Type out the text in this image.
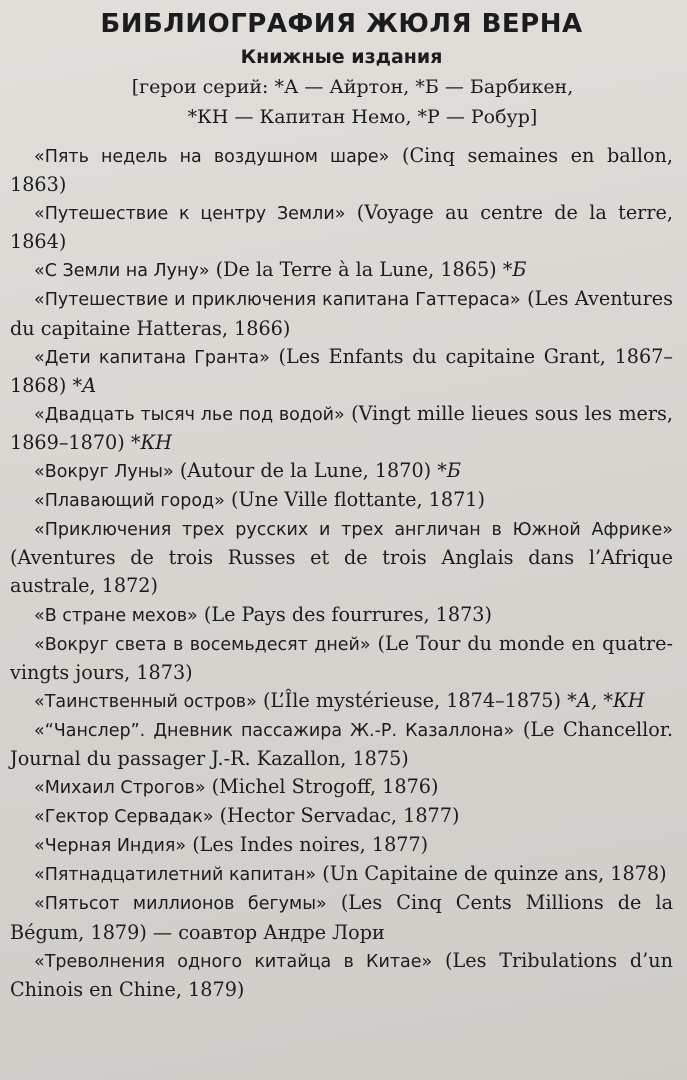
БИБЛИОГРАФИЯ ЖЮЛЯ ВЕРНА
Книжные издания

[герои серий: *А — Айртон, *Б — Барбикен,
*КН — Капитан Немо, *Р — Робур]

«Пять недель на воздушном шаре» (Cinq semaines en ballon, 1863)

«Путешествие к центру Земли» (Voyage au centre de la terre, 1864)

«С Земли на Луну» (De la Terre à la Lune, 1865) *Б

«Путешествие и приключения капитана Гаттераса» (Les Aventures du capitaine Hatteras, 1866)

«Дети капитана Гранта» (Les Enfants du capitaine Grant, 1867–1868) *А

«Двадцать тысяч лье под водой» (Vingt mille lieues sous les mers, 1869–1870) *КН

«Вокруг Луны» (Autour de la Lune, 1870) *Б

«Плавающий город» (Une Ville flottante, 1871)

«Приключения трех русских и трех англичан в Южной Африке» (Aventures de trois Russes et de trois Anglais dans l’Afrique australe, 1872)

«В стране мехов» (Le Pays des fourrures, 1873)

«Вокруг света в восемьдесят дней» (Le Tour du monde en quatre-vingts jours, 1873)

«Таинственный остров» (L’Île mystérieuse, 1874–1875) *А, *КН

«“Чанслер”. Дневник пассажира Ж.-Р. Казаллона» (Le Chancellor. Journal du passager J.-R. Kazallon, 1875)

«Михаил Строгов» (Michel Strogoff, 1876)

«Гектор Сервадак» (Hector Servadac, 1877)

«Черная Индия» (Les Indes noires, 1877)

«Пятнадцатилетний капитан» (Un Capitaine de quinze ans, 1878)

«Пятьсот миллионов бегумы» (Les Cinq Cents Millions de la Bégum, 1879) — соавтор Андре Лори

«Треволнения одного китайца в Китае» (Les Tribulations d’un Chinois en Chine, 1879)
